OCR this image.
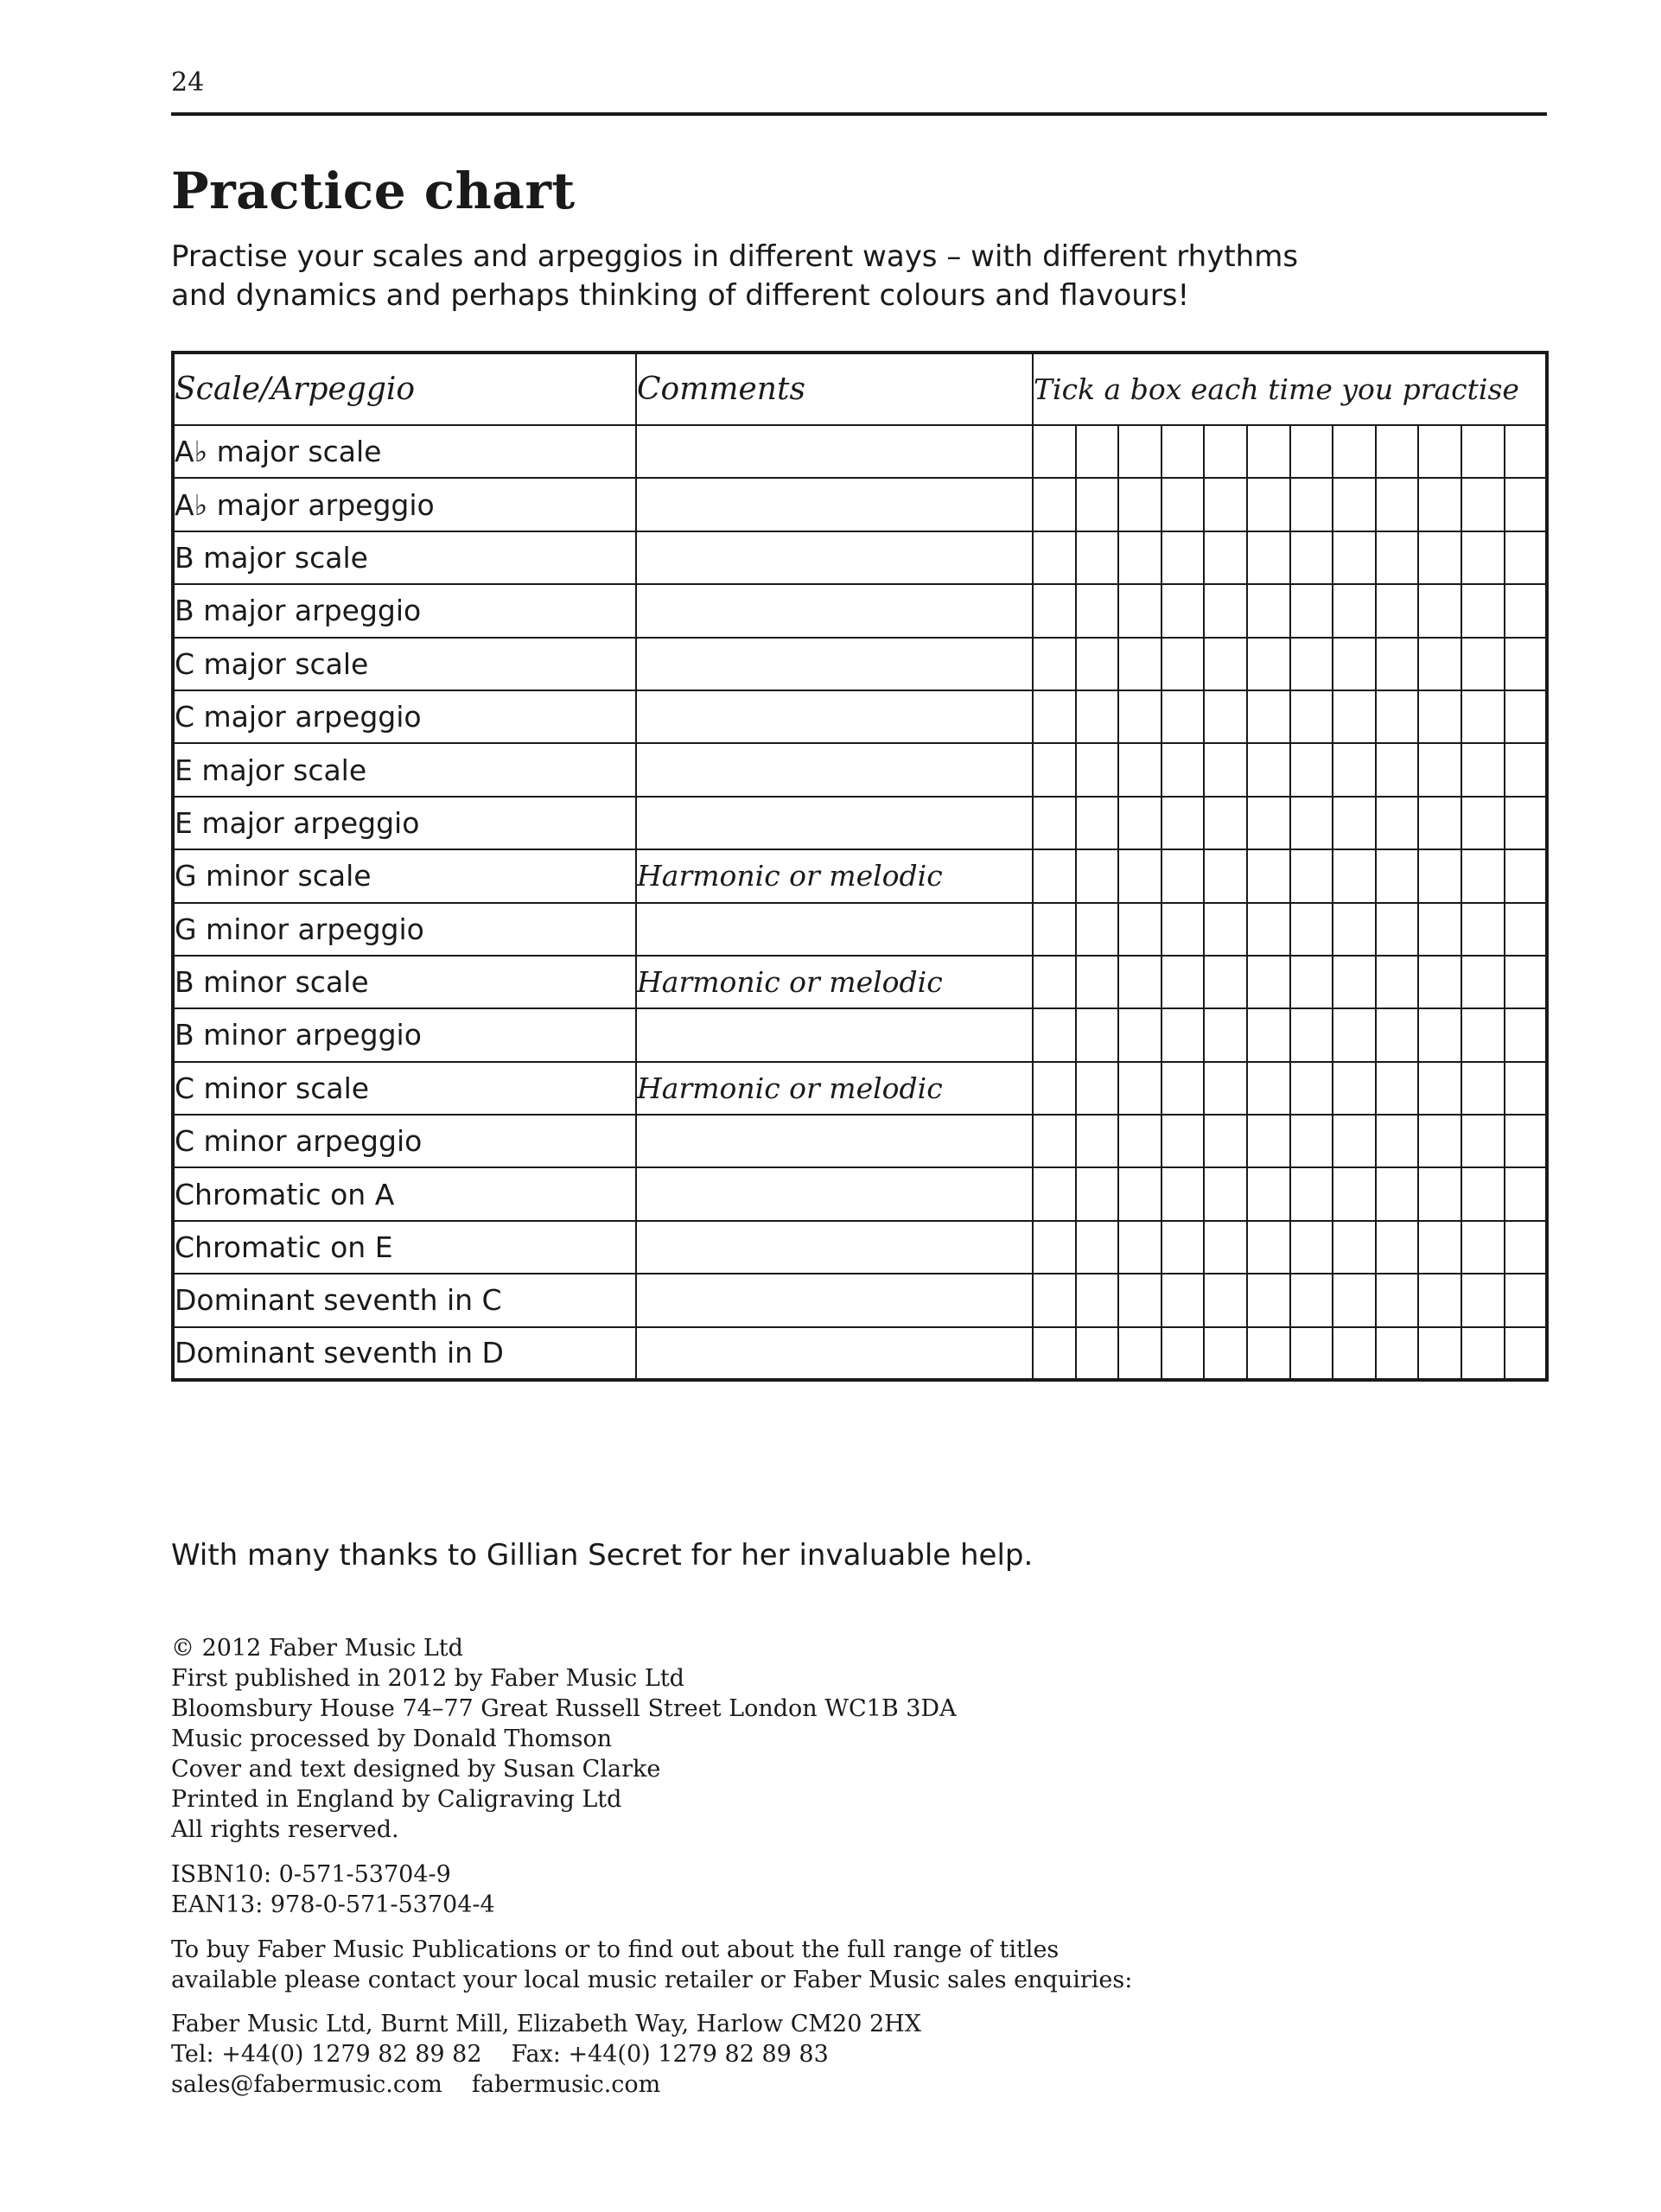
24
Practice chart
Practise your scales and arpeggios in different ways – with different rhythms
and dynamics and perhaps thinking of different colours and flavours!
Scale/Arpeggio	Comments	Tick a box each time you practise											
A♭ major scale													
A♭ major arpeggio													
B major scale													
B major arpeggio													
C major scale													
C major arpeggio													
E major scale													
E major arpeggio													
G minor scale	Harmonic or melodic												
G minor arpeggio													
B minor scale	Harmonic or melodic												
B minor arpeggio													
C minor scale	Harmonic or melodic												
C minor arpeggio													
Chromatic on A													
Chromatic on E													
Dominant seventh in C													
Dominant seventh in D													
With many thanks to Gillian Secret for her invaluable help.
© 2012 Faber Music Ltd
First published in 2012 by Faber Music Ltd
Bloomsbury House 74–77 Great Russell Street London WC1B 3DA
Music processed by Donald Thomson
Cover and text designed by Susan Clarke
Printed in England by Caligraving Ltd
All rights reserved.
ISBN10: 0-571-53704-9
EAN13: 978-0-571-53704-4
To buy Faber Music Publications or to find out about the full range of titles
available please contact your local music retailer or Faber Music sales enquiries:
Faber Music Ltd, Burnt Mill, Elizabeth Way, Harlow CM20 2HX
Tel: +44(0) 1279 82 89 82 Fax: +44(0) 1279 82 89 83
sales@fabermusic.com fabermusic.com
